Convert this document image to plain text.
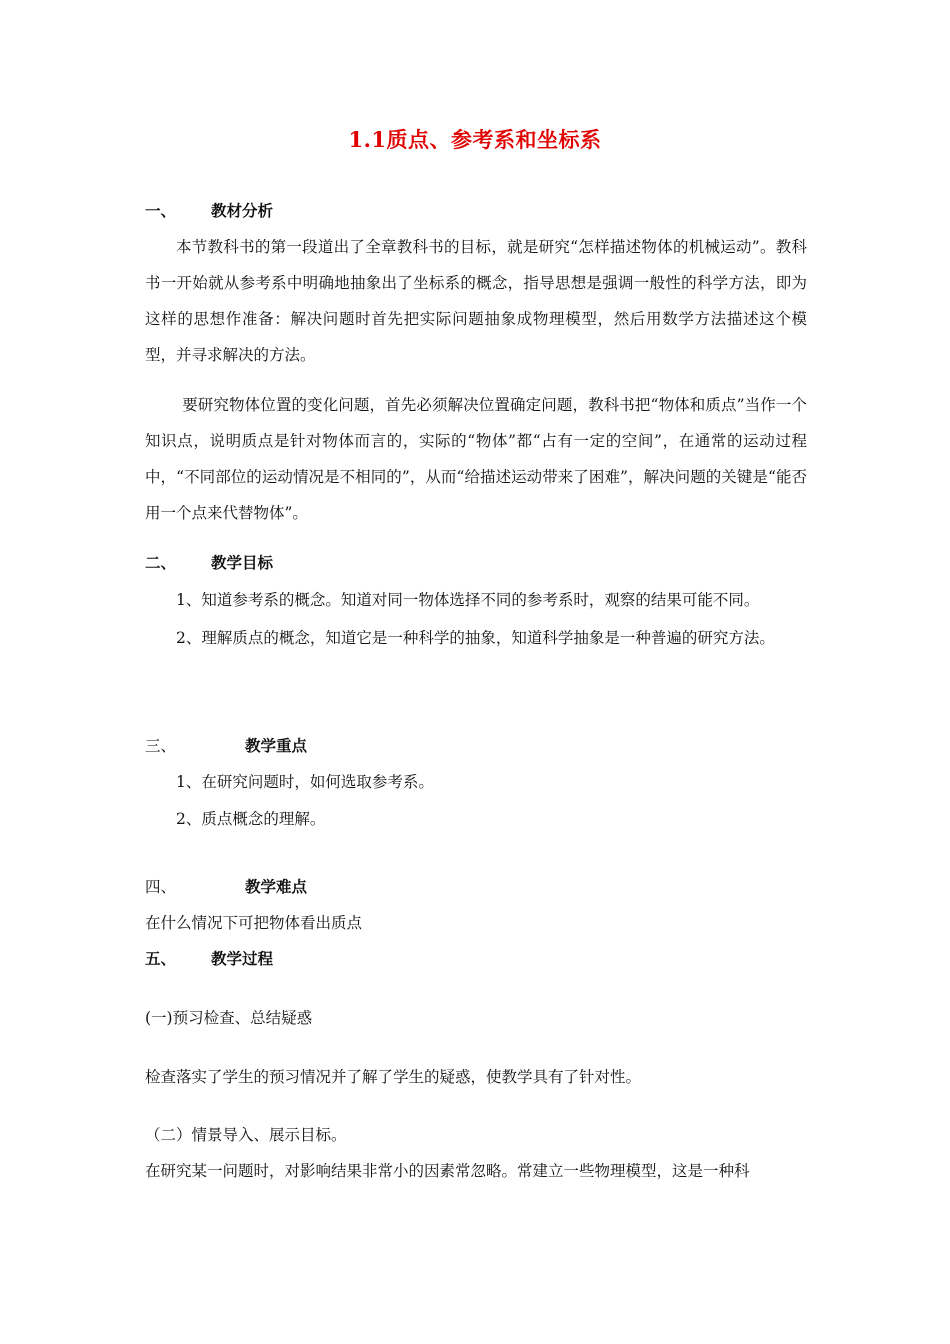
1.1质点、参考系和坐标系
一、 教材分析
本节教科书的第一段道出了全章教科书的目标，就是研究“怎样描述物体的机械运动”。教科书一开始就从参考系中明确地抽象出了坐标系的概念，指导思想是强调一般性的科学方法，即为这样的思想作准备：解决问题时首先把实际问题抽象成物理模型，然后用数学方法描述这个模型，并寻求解决的方法。
要研究物体位置的变化问题，首先必须解决位置确定问题，教科书把“物体和质点”当作一个知识点，说明质点是针对物体而言的，实际的“物体”都“占有一定的空间”，在通常的运动过程中，“不同部位的运动情况是不相同的”，从而“给描述运动带来了困难”，解决问题的关键是“能否用一个点来代替物体”。
二、 教学目标
1、知道参考系的概念。知道对同一物体选择不同的参考系时，观察的结果可能不同。
2、理解质点的概念，知道它是一种科学的抽象，知道科学抽象是一种普遍的研究方法。
三、	教学重点
1、在研究问题时，如何选取参考系。
2、质点概念的理解。
四、	教学难点
在什么情况下可把物体看出质点
五、 教学过程
(一)预习检查、总结疑惑
检查落实了学生的预习情况并了解了学生的疑惑，使教学具有了针对性。
（二）情景导入、展示目标。
在研究某一问题时，对影响结果非常小的因素常忽略。常建立一些物理模型，这是一种科
